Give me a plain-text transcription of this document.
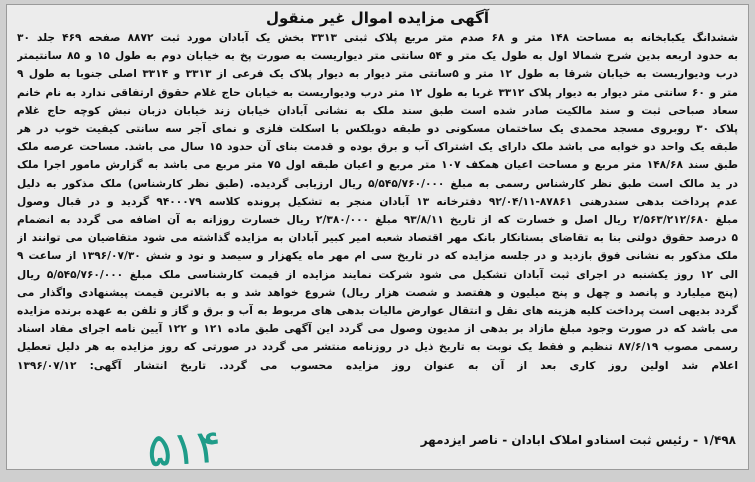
آگهی مزایده اموال غیر منقول
ششدانگ یکبابخانه به مساحت ۱۴۸ متر و ۶۸ صدم متر مربع پلاک ثبتی ۳۳۱۳ بخش یک آبادان مورد ثبت ۸۸۷۲ صفحه ۴۶۹ جلد ۳۰
به حدود اربعه بدین شرح شمالا اول به طول یک متر و ۵۴ سانتی متر دیواریست به صورت پخ به خیابان دوم به طول ۱۵ و ۸۵ سانتیمتر
درب ودیواریست به خیابان شرقا به طول ۱۲ متر و ۵سانتی متر دیوار به دیوار پلاک یک فرعی از ۳۳۱۳ و ۳۳۱۴ اصلی جنوبا به طول ۹
متر و ۶۰ سانتی متر دیوار به دیوار پلاک ۳۳۱۲ غربا به طول ۱۲ متر درب ودیواریست به خیابان حاج غلام حقوق ارتفاقی ندارد به نام خانم
سعاد صباحی ثبت و سند مالکیت صادر شده است طبق سند ملک به نشانی آبادان خیابان زند خیابان دزبان نبش کوچه حاج غلام
پلاک ۳۰ روبروی مسجد محمدی یک ساختمان مسکونی دو طبقه دوبلکس با اسکلت فلزی و نمای آجر سه سانتی کیفیت خوب در هر
طبقه یک واحد دو خوابه می باشد ملک دارای یک اشتراک آب و برق بوده و قدمت بنای آن حدود ۱۵ سال می باشد. مساحت عرصه ملک
طبق سند ۱۴۸/۶۸ متر مربع و مساحت اعیان همکف ۱۰۷ متر مربع و اعیان طبقه اول ۷۵ متر مربع می باشد به گزارش مامور اجرا ملک
در ید مالک است طبق نظر کارشناس رسمی به مبلغ ۵/۵۴۵/۷۶۰/۰۰۰ ریال ارزیابی گردیده. (طبق نظر کارشناس) ملک مذکور به دلیل
عدم پرداخت بدهی سندرهنی ۸۷۸۶۱-۹۲/۰۴/۱۱ دفترخانه ۱۳ آبادان منجر به تشکیل پرونده کلاسه ۹۴۰۰۰۷۹ گردید و در قبال وصول
مبلغ ۲/۵۶۳/۲۱۲/۶۸۰ ریال اصل و خسارت که از تاریخ ۹۳/۸/۱۱ مبلغ ۲/۳۸۰/۰۰۰ ریال خسارت روزانه به آن اضافه می گردد به انضمام
۵ درصد حقوق دولتی بنا به تقاضای بستانکار بانک مهر اقتصاد شعبه امیر کبیر آبادان به مزایده گذاشته می شود متقاضیان می توانند از
ملک مذکور به نشانی فوق بازدید و در جلسه مزایده که در تاریخ سی ام مهر ماه یکهزار و سیصد و نود و شش ۱۳۹۶/۰۷/۳۰ از ساعت ۹
الی ۱۲ روز یکشنبه در اجرای ثبت آبادان تشکیل می شود شرکت نمایند مزایده از قیمت کارشناسی ملک مبلغ ۵/۵۴۵/۷۶۰/۰۰۰ ریال
(پنج میلیارد و پانصد و چهل و پنج میلیون و هفتصد و شصت هزار ریال) شروع خواهد شد و به بالاترین قیمت پیشنهادی واگذار می
گردد بدیهی است پرداخت کلیه هزینه های نقل و انتقال عوارض مالیات بدهی های مربوط به آب و برق و گاز و تلفن به عهده برنده مزایده
می باشد که در صورت وجود مبلغ مازاد بر بدهی از مدیون وصول می گردد این آگهی طبق ماده ۱۲۱ و ۱۲۲ آیین نامه اجرای مفاد اسناد
رسمی مصوب ۸۷/۶/۱۹ تنظیم و فقط یک نوبت به تاریخ ذیل در روزنامه منتشر می گردد در صورتی که روز مزایده به هر دلیل تعطیل
اعلام شد اولین روز کاری بعد از آن به عنوان روز مزایده محسوب می گردد. تاریخ انتشار آگهی: ۱۳۹۶/۰۷/۱۲
۱/۴۹۸ - رئیس ثبت اسنادو املاک ابادان - ناصر ایزدمهر
۵۱۴
